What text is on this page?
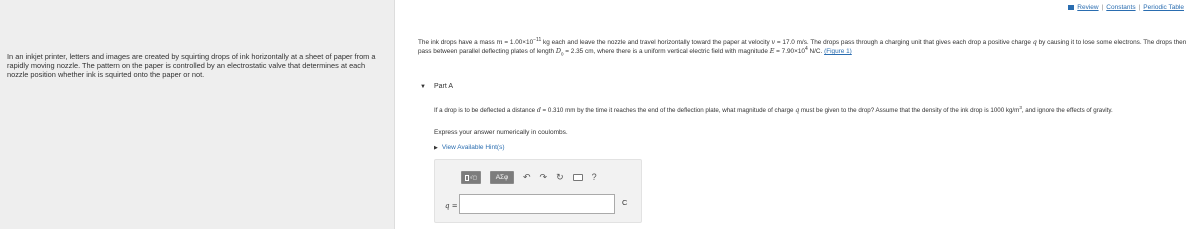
In an inkjet printer, letters and images are created by squirting drops of ink horizontally at a sheet of paper from a rapidly moving nozzle. The pattern on the paper is controlled by an electrostatic valve that determines at each nozzle position whether ink is squirted onto the paper or not.

Review | Constants | Periodic Table

The ink drops have a mass $m = 1.00\times 10^{-11}$ kg each and leave the nozzle and travel horizontally toward the paper at velocity v = 17.0 m/s. The drops pass through a charging unit that gives each drop a positive charge q by causing it to lose some electrons. The drops then pass between parallel deflecting plates of length $D_0 = 2.35$ cm, where there is a uniform vertical electric field with magnitude $E = 7.90\times 10^4$ N/C. (Figure 1)

▼ Part A

If a drop is to be deflected a distance d = 0.310 mm by the time it reaches the end of the deflection plate, what magnitude of charge q must be given to the drop? Assume that the density of the ink drop is 1000 $kg/m^3$, and ignore the effects of gravity.

Express your answer numerically in coulombs.

▶ View Available Hint(s)
√▢	ΑΣφ	↶ ↷ ↻	?
q =	C
